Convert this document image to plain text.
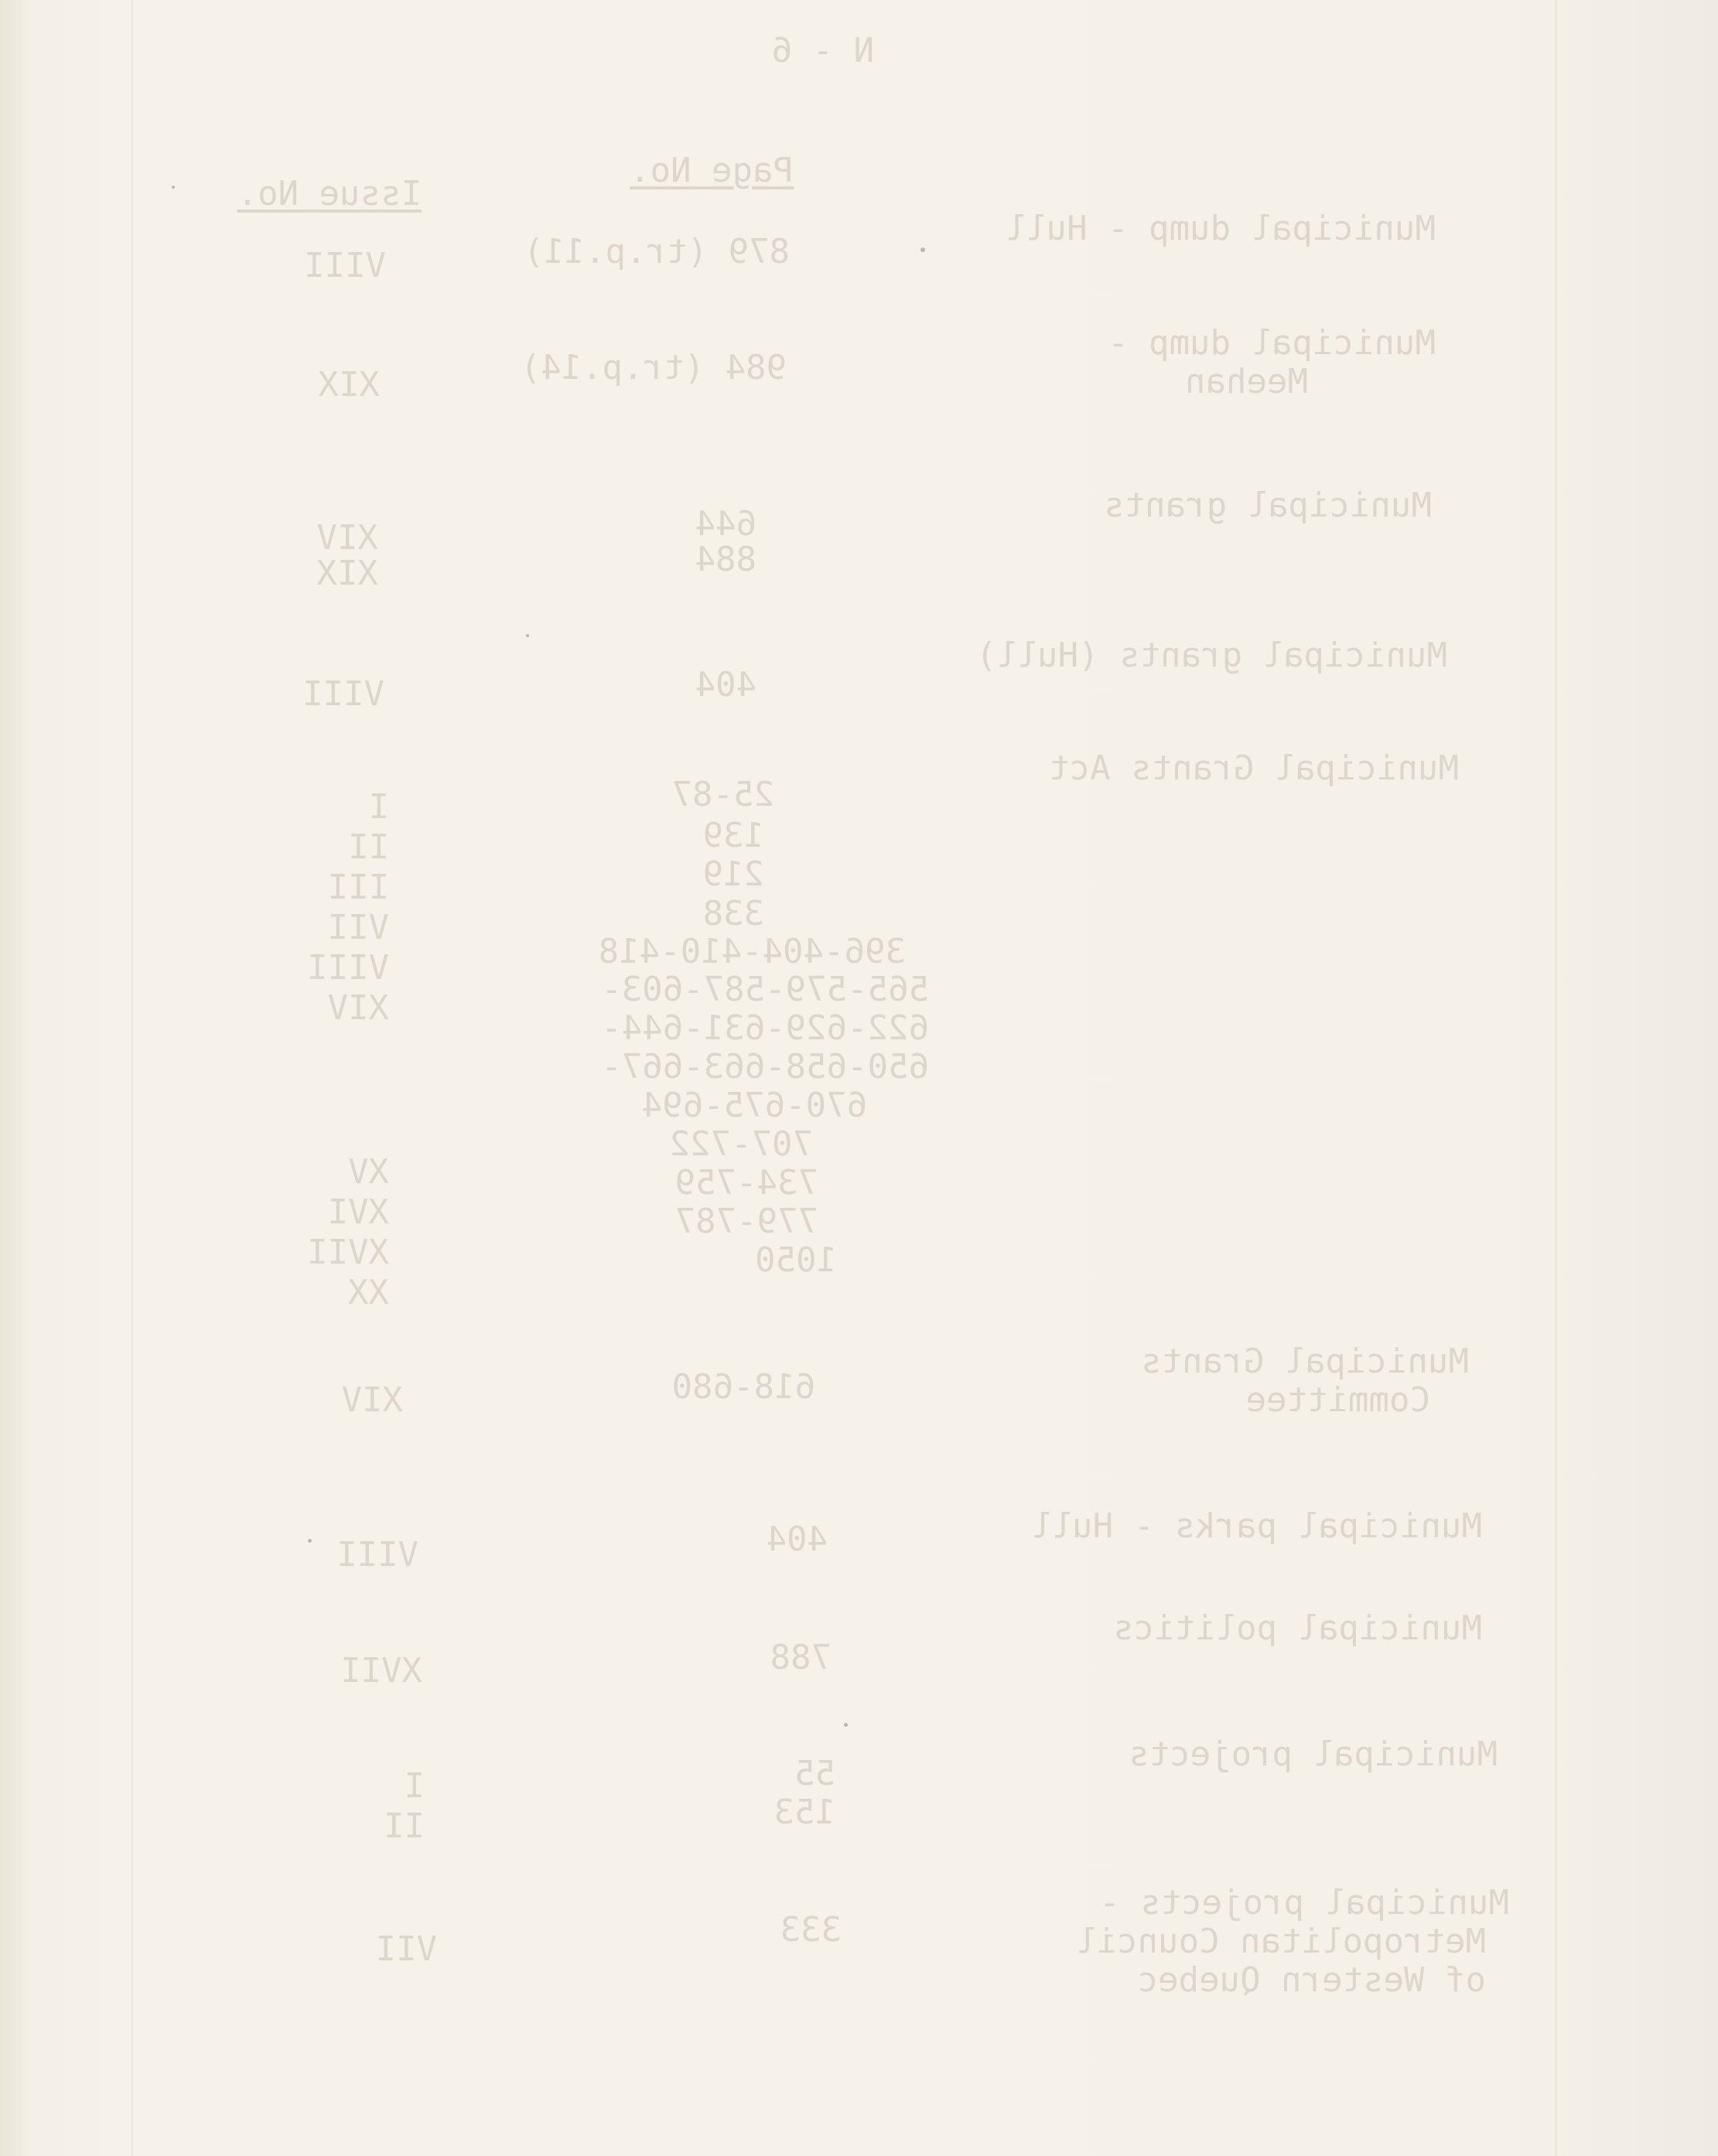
N - 6
Page No.
Issue No.
Municipal dump - Hull
879 (tr.p.11)
VIII
Municipal dump -
Meehan
984 (tr.p.14)
XIX
Municipal grants
644
884
XIV
XIX
Municipal grants (Hull)
404
VIII
Municipal Grants Act
25-87
139
219
338
396-404-410-418
565-579-587-603-
622-629-631-644-
650-658-663-667-
670-675-694
707-722
734-759
779-787
1050
I
II
III
VII
VIII
XIV
XV
XVI
XVII
XX
Municipal Grants
Committee
618-680
XIV
Municipal parks - Hull
404
VIII
Municipal politics
788
XVII
Municipal projects
55
153
I
II
Municipal projects -
Metropolitan Council
of Western Quebec
333
VII
